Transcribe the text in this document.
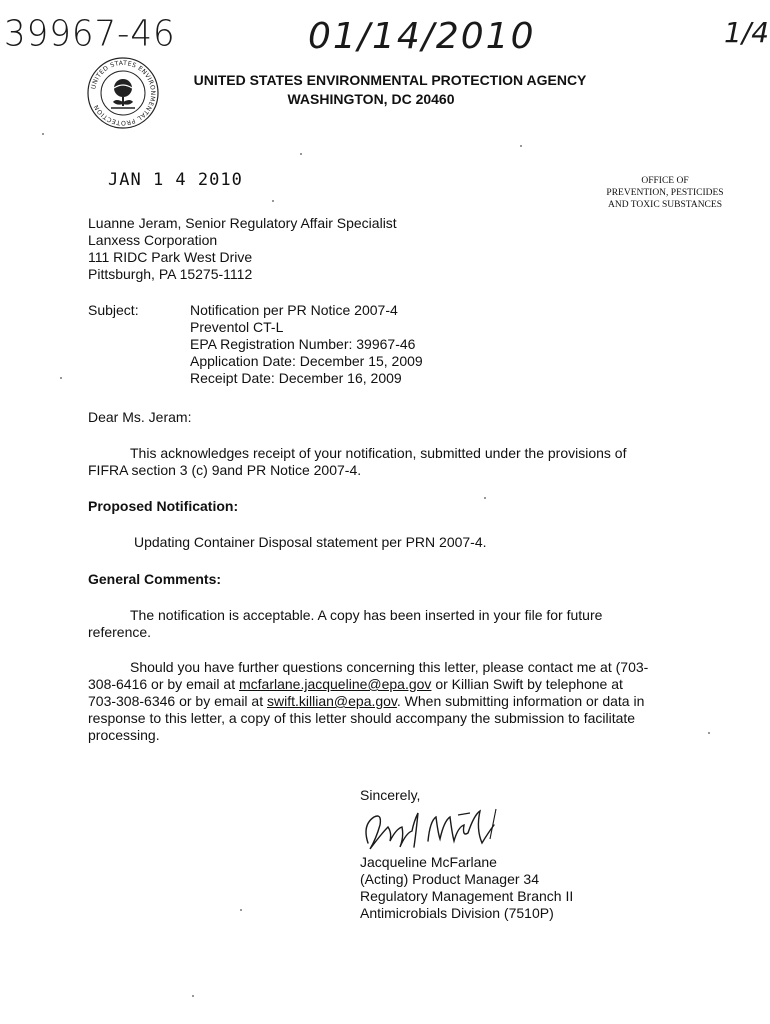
39967-46	01/14/2010	1/4
UNITED STATES ENVIRONMENTAL PROTECTION
UNITED STATES ENVIRONMENTAL PROTECTION AGENCY
WASHINGTON, DC 20460
JAN 1 4 2010	OFFICE OF
PREVENTION, PESTICIDES
AND TOXIC SUBSTANCES
Luanne Jeram, Senior Regulatory Affair Specialist
Lanxess Corporation
111 RIDC Park West Drive
Pittsburgh, PA 15275-1112
Subject:	Notification per PR Notice 2007-4
Preventol CT-L
EPA Registration Number: 39967-46
Application Date: December 15, 2009
Receipt Date: December 16, 2009
Dear Ms. Jeram:
This acknowledges receipt of your notification, submitted under the provisions of
FIFRA section 3 (c) 9and PR Notice 2007-4.
Proposed Notification:
Updating Container Disposal statement per PRN 2007-4.
General Comments:
The notification is acceptable. A copy has been inserted in your file for future
reference.
Should you have further questions concerning this letter, please contact me at (703-
308-6416 or by email at mcfarlane.jacqueline@epa.gov or Killian Swift by telephone at
703-308-6346 or by email at swift.killian@epa.gov. When submitting information or data in
response to this letter, a copy of this letter should accompany the submission to facilitate
processing.
Sincerely,
Jacqueline McFarlane
(Acting) Product Manager 34
Regulatory Management Branch II
Antimicrobials Division (7510P)
